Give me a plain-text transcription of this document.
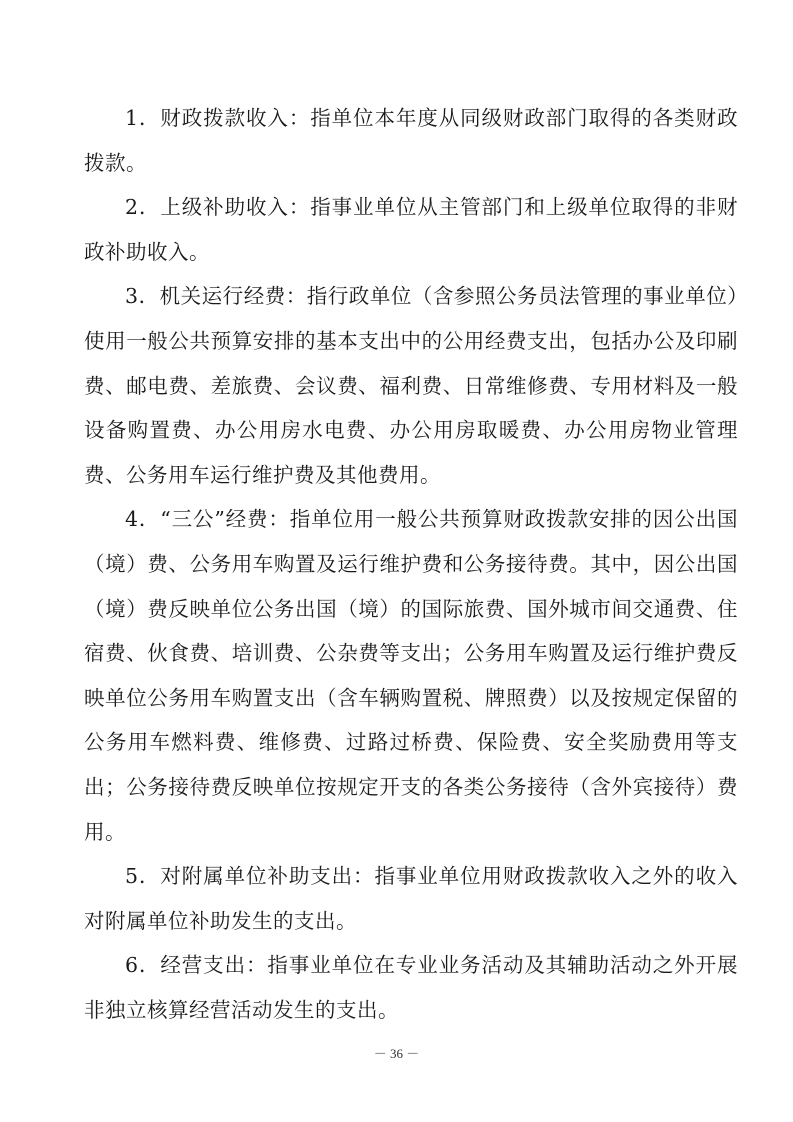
1．财政拨款收入：指单位本年度从同级财政部门取得的各类财政拨款。

2．上级补助收入：指事业单位从主管部门和上级单位取得的非财政补助收入。

3．机关运行经费：指行政单位（含参照公务员法管理的事业单位）使用一般公共预算安排的基本支出中的公用经费支出，包括办公及印刷费、邮电费、差旅费、会议费、福利费、日常维修费、专用材料及一般设备购置费、办公用房水电费、办公用房取暖费、办公用房物业管理费、公务用车运行维护费及其他费用。

4．“三公”经费：指单位用一般公共预算财政拨款安排的因公出国（境）费、公务用车购置及运行维护费和公务接待费。其中，因公出国（境）费反映单位公务出国（境）的国际旅费、国外城市间交通费、住宿费、伙食费、培训费、公杂费等支出；公务用车购置及运行维护费反映单位公务用车购置支出（含车辆购置税、牌照费）以及按规定保留的公务用车燃料费、维修费、过路过桥费、保险费、安全奖励费用等支出；公务接待费反映单位按规定开支的各类公务接待（含外宾接待）费用。

5．对附属单位补助支出：指事业单位用财政拨款收入之外的收入对附属单位补助发生的支出。

6．经营支出：指事业单位在专业业务活动及其辅助活动之外开展非独立核算经营活动发生的支出。

－ 36 －
